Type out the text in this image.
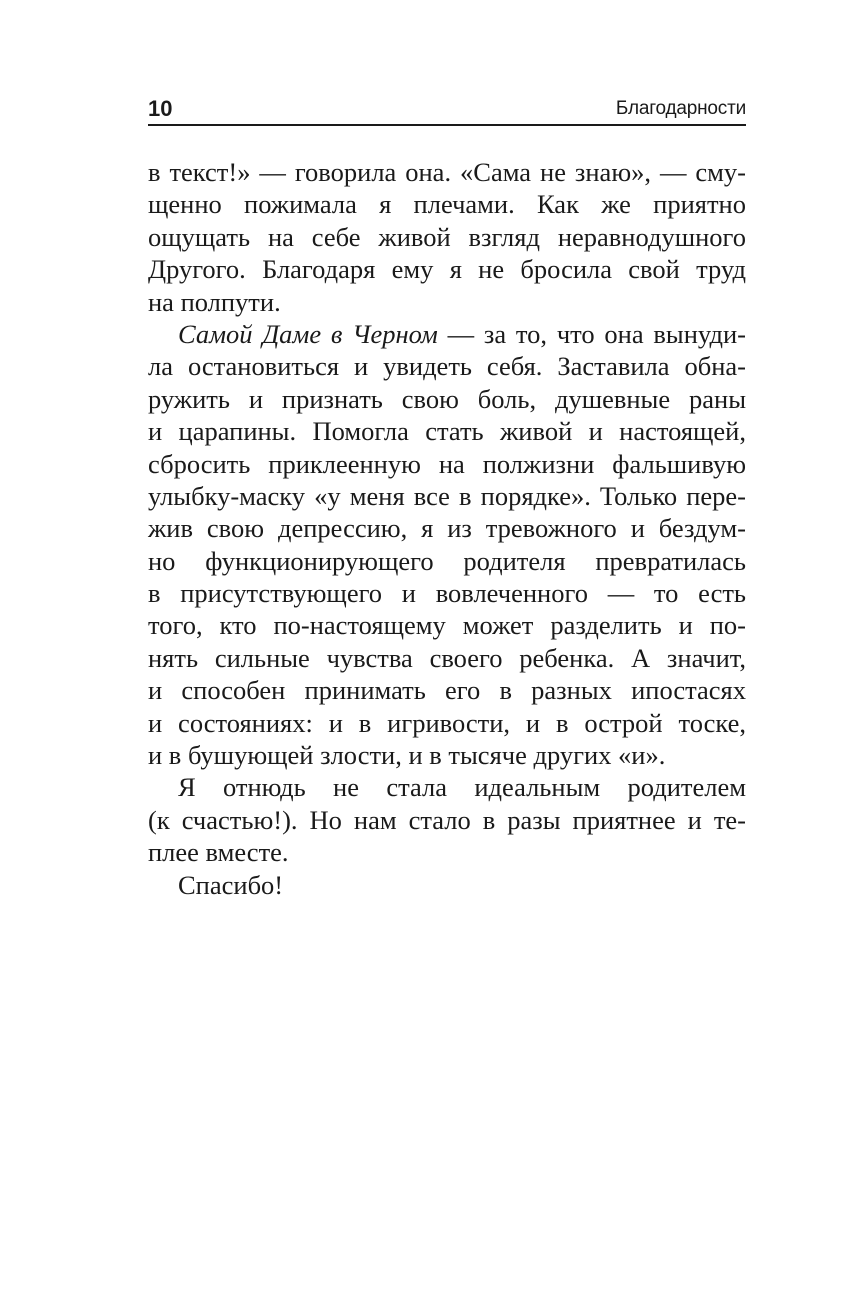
10	Благодарности
в текст!» — говорила она. «Сама не знаю», — сму-
щенно пожимала я плечами. Как же приятно
ощущать на себе живой взгляд неравнодушного
Другого. Благодаря ему я не бросила свой труд
на полпути.
Самой Даме в Черном — за то, что она вынуди-
ла остановиться и увидеть себя. Заставила обна-
ружить и признать свою боль, душевные раны
и царапины. Помогла стать живой и настоящей,
сбросить приклеенную на полжизни фальшивую
улыбку-маску «у меня все в порядке». Только пере-
жив свою депрессию, я из тревожного и бездум-
но функционирующего родителя превратилась
в присутствующего и вовлеченного — то есть
того, кто по-настоящему может разделить и по-
нять сильные чувства своего ребенка. А значит,
и способен принимать его в разных ипостасях
и состояниях: и в игривости, и в острой тоске,
и в бушующей злости, и в тысяче других «и».
Я отнюдь не стала идеальным родителем
(к счастью!). Но нам стало в разы приятнее и те-
плее вместе.
Спасибо!
